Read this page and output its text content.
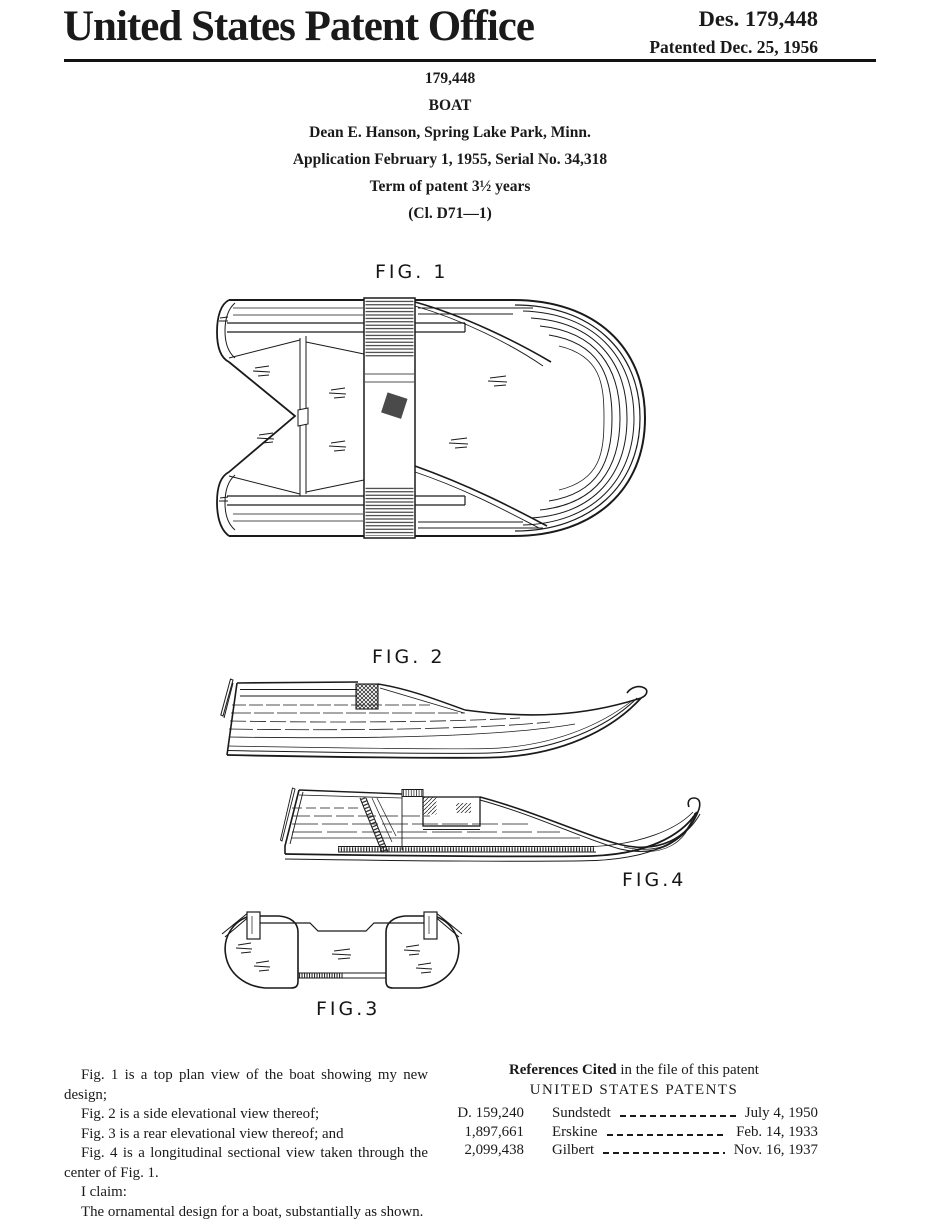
United States Patent Office	Des. 179,448
Patented Dec. 25, 1956
179,448
BOAT
Dean E. Hanson, Spring Lake Park, Minn.
Application February 1, 1955, Serial No. 34,318
Term of patent 3½ years
(Cl. D71—1)
FIG. 1
FIG. 2
FIG.4
FIG.3

Fig. 1 is a top plan view of the boat showing my new design;

Fig. 2 is a side elevational view thereof;

Fig. 3 is a rear elevational view thereof; and

Fig. 4 is a longitudinal sectional view taken through the center of Fig. 1.

I claim:

The ornamental design for a boat, substantially as shown.

References Cited in the file of this patent
UNITED STATES PATENTS
D. 159,240 Sundstedt	July 4, 1950
1,897,661 Erskine	Feb. 14, 1933
2,099,438 Gilbert	Nov. 16, 1937
